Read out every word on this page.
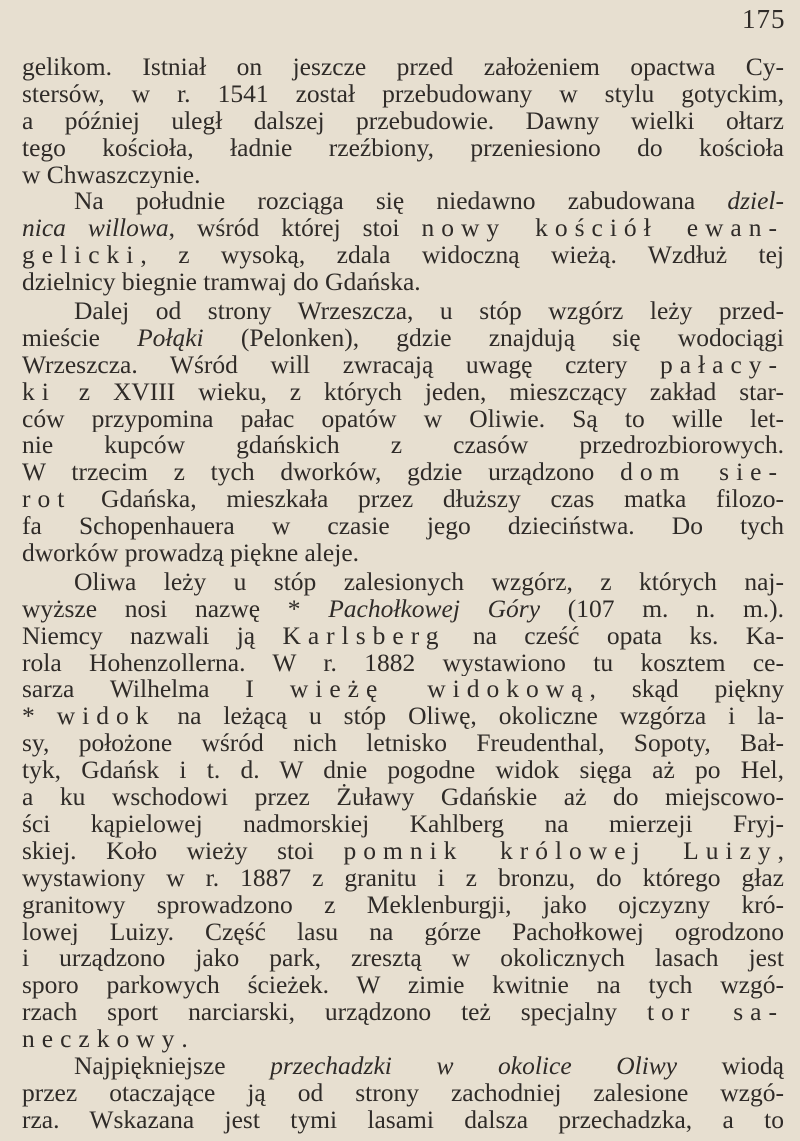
175
gelikom. Istniał on jeszcze przed założeniem opactwa Cy-
stersów, w r. 1541 został przebudowany w stylu gotyckim,
a później uległ dalszej przebudowie. Dawny wielki ołtarz
tego kościoła, ładnie rzeźbiony, przeniesiono do kościoła
w Chwaszczynie.
Na południe rozciąga się niedawno zabudowana dziel-
nica willowa, wśród której stoi nowy kościół ewan-
gelicki, z wysoką, zdala widoczną wieżą. Wzdłuż tej
dzielnicy biegnie tramwaj do Gdańska.
Dalej od strony Wrzeszcza, u stóp wzgórz leży przed-
mieście Połąki (Pelonken), gdzie znajdują się wodociągi
Wrzeszcza. Wśród will zwracają uwagę cztery pałacy-
ki z XVIII wieku, z których jeden, mieszczący zakład star-
ców przypomina pałac opatów w Oliwie. Są to wille let-
nie kupców gdańskich z czasów przedrozbiorowych.
W trzecim z tych dworków, gdzie urządzono dom sie-
rot Gdańska, mieszkała przez dłuższy czas matka filozo-
fa Schopenhauera w czasie jego dzieciństwa. Do tych
dworków prowadzą piękne aleje.
Oliwa leży u stóp zalesionych wzgórz, z których naj-
wyższe nosi nazwę * Pachołkowej Góry (107 m. n. m.).
Niemcy nazwali ją Karlsberg na cześć opata ks. Ka-
rola Hohenzollerna. W r. 1882 wystawiono tu kosztem ce-
sarza Wilhelma I wieżę widokową, skąd piękny
* widok na leżącą u stóp Oliwę, okoliczne wzgórza i la-
sy, położone wśród nich letnisko Freudenthal, Sopoty, Bał-
tyk, Gdańsk i t. d. W dnie pogodne widok sięga aż po Hel,
a ku wschodowi przez Żuławy Gdańskie aż do miejscowo-
ści kąpielowej nadmorskiej Kahlberg na mierzeji Fryj-
skiej. Koło wieży stoi pomnik królowej Luizy,
wystawiony w r. 1887 z granitu i z bronzu, do którego głaz
granitowy sprowadzono z Meklenburgji, jako ojczyzny kró-
lowej Luizy. Część lasu na górze Pachołkowej ogrodzono
i urządzono jako park, zresztą w okolicznych lasach jest
sporo parkowych ścieżek. W zimie kwitnie na tych wzgó-
rzach sport narciarski, urządzono też specjalny tor sa-
neczkowy.
Najpiękniejsze przechadzki w okolice Oliwy wiodą
przez otaczające ją od strony zachodniej zalesione wzgó-
rza. Wskazana jest tymi lasami dalsza przechadzka, a to
